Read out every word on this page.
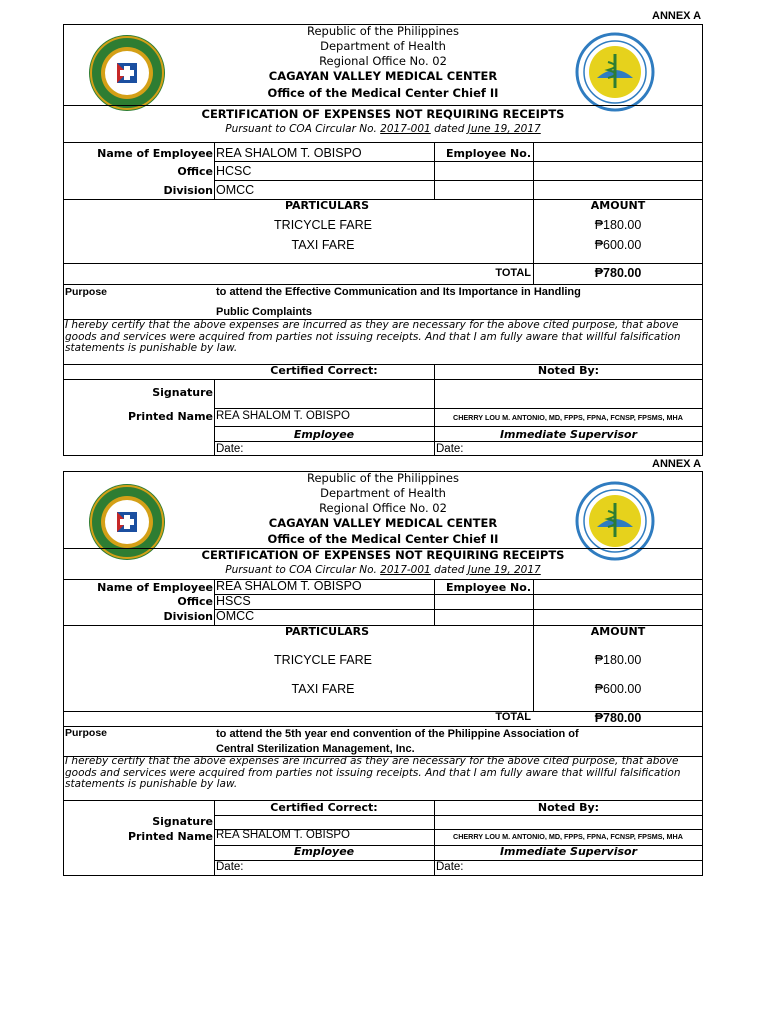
ANNEX A
Republic of the Philippines
Department of Health
Regional Office No. 02
CAGAYAN VALLEY MEDICAL CENTER
Office of the Medical Center Chief II
CERTIFICATION OF EXPENSES NOT REQUIRING RECEIPTS
Pursuant to COA Circular No. 2017-001 dated June 19, 2017
Name of Employee REA SHALOM T. OBISPO	Employee No.
Office HCSC
Division OMCC
PARTICULARS	AMOUNT
TRICYCLE FARE	₱180.00
TAXI FARE	₱600.00
TOTAL	₱780.00
Purpose	to attend the Effective Communication and Its Importance in Handling
Public Complaints
I hereby certify that the above expenses are incurred as they are necessary for the above cited purpose, that above goods and services were acquired from parties not issuing receipts. And that I am fully aware that willful falsification statements is punishable by law.
Certified Correct:	Noted By:
Signature
Printed Name REA SHALOM T. OBISPO	CHERRY LOU M. ANTONIO, MD, FPPS, FPNA, FCNSP, FPSMS, MHA
Employee	Immediate Supervisor
Date:	Date:
ANNEX A
Republic of the Philippines
Department of Health
Regional Office No. 02
CAGAYAN VALLEY MEDICAL CENTER
Office of the Medical Center Chief II
CERTIFICATION OF EXPENSES NOT REQUIRING RECEIPTS
Pursuant to COA Circular No. 2017-001 dated June 19, 2017
Name of Employee REA SHALOM T. OBISPO	Employee No.
Office HSCS
Division OMCC
PARTICULARS	AMOUNT
TRICYCLE FARE	₱180.00
TAXI FARE	₱600.00
TOTAL	₱780.00
Purpose	to attend the 5th year end convention of the Philippine Association of
Central Sterilization Management, Inc.
I hereby certify that the above expenses are incurred as they are necessary for the above cited purpose, that above goods and services were acquired from parties not issuing receipts. And that I am fully aware that willful falsification statements is punishable by law.
Certified Correct:	Noted By:
Signature
Printed Name REA SHALOM T. OBISPO	CHERRY LOU M. ANTONIO, MD, FPPS, FPNA, FCNSP, FPSMS, MHA
Employee	Immediate Supervisor
Date:	Date:
